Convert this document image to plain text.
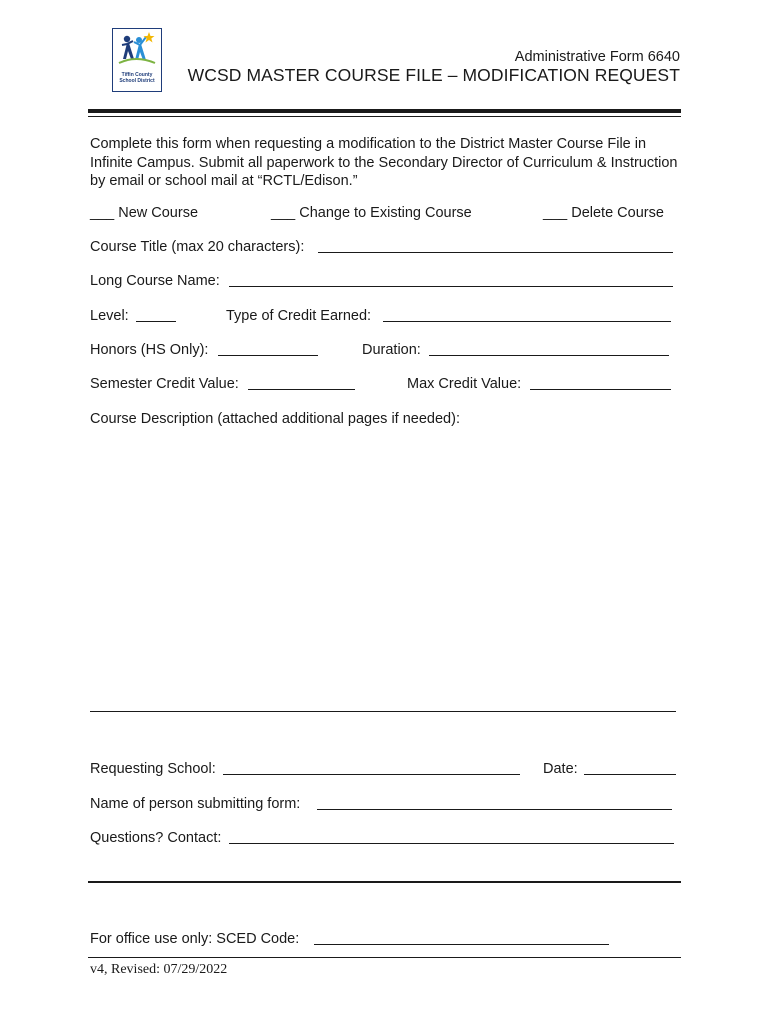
Tiffin County School District
Administrative Form 6640
WCSD MASTER COURSE FILE – MODIFICATION REQUEST
Complete this form when requesting a modification to the District Master Course File in Infinite Campus. Submit all paperwork to the Secondary Director of Curriculum & Instruction by email or school mail at “RCTL/Edison.”
___ New Course	___ Change to Existing Course	___ Delete Course
Course Title (max 20 characters):
Long Course Name:
Level:	Type of Credit Earned:
Honors (HS Only):	Duration:
Semester Credit Value:	Max Credit Value:
Course Description (attached additional pages if needed):
Requesting School:	Date:
Name of person submitting form:
Questions? Contact:
For office use only: SCED Code:
v4, Revised: 07/29/2022
